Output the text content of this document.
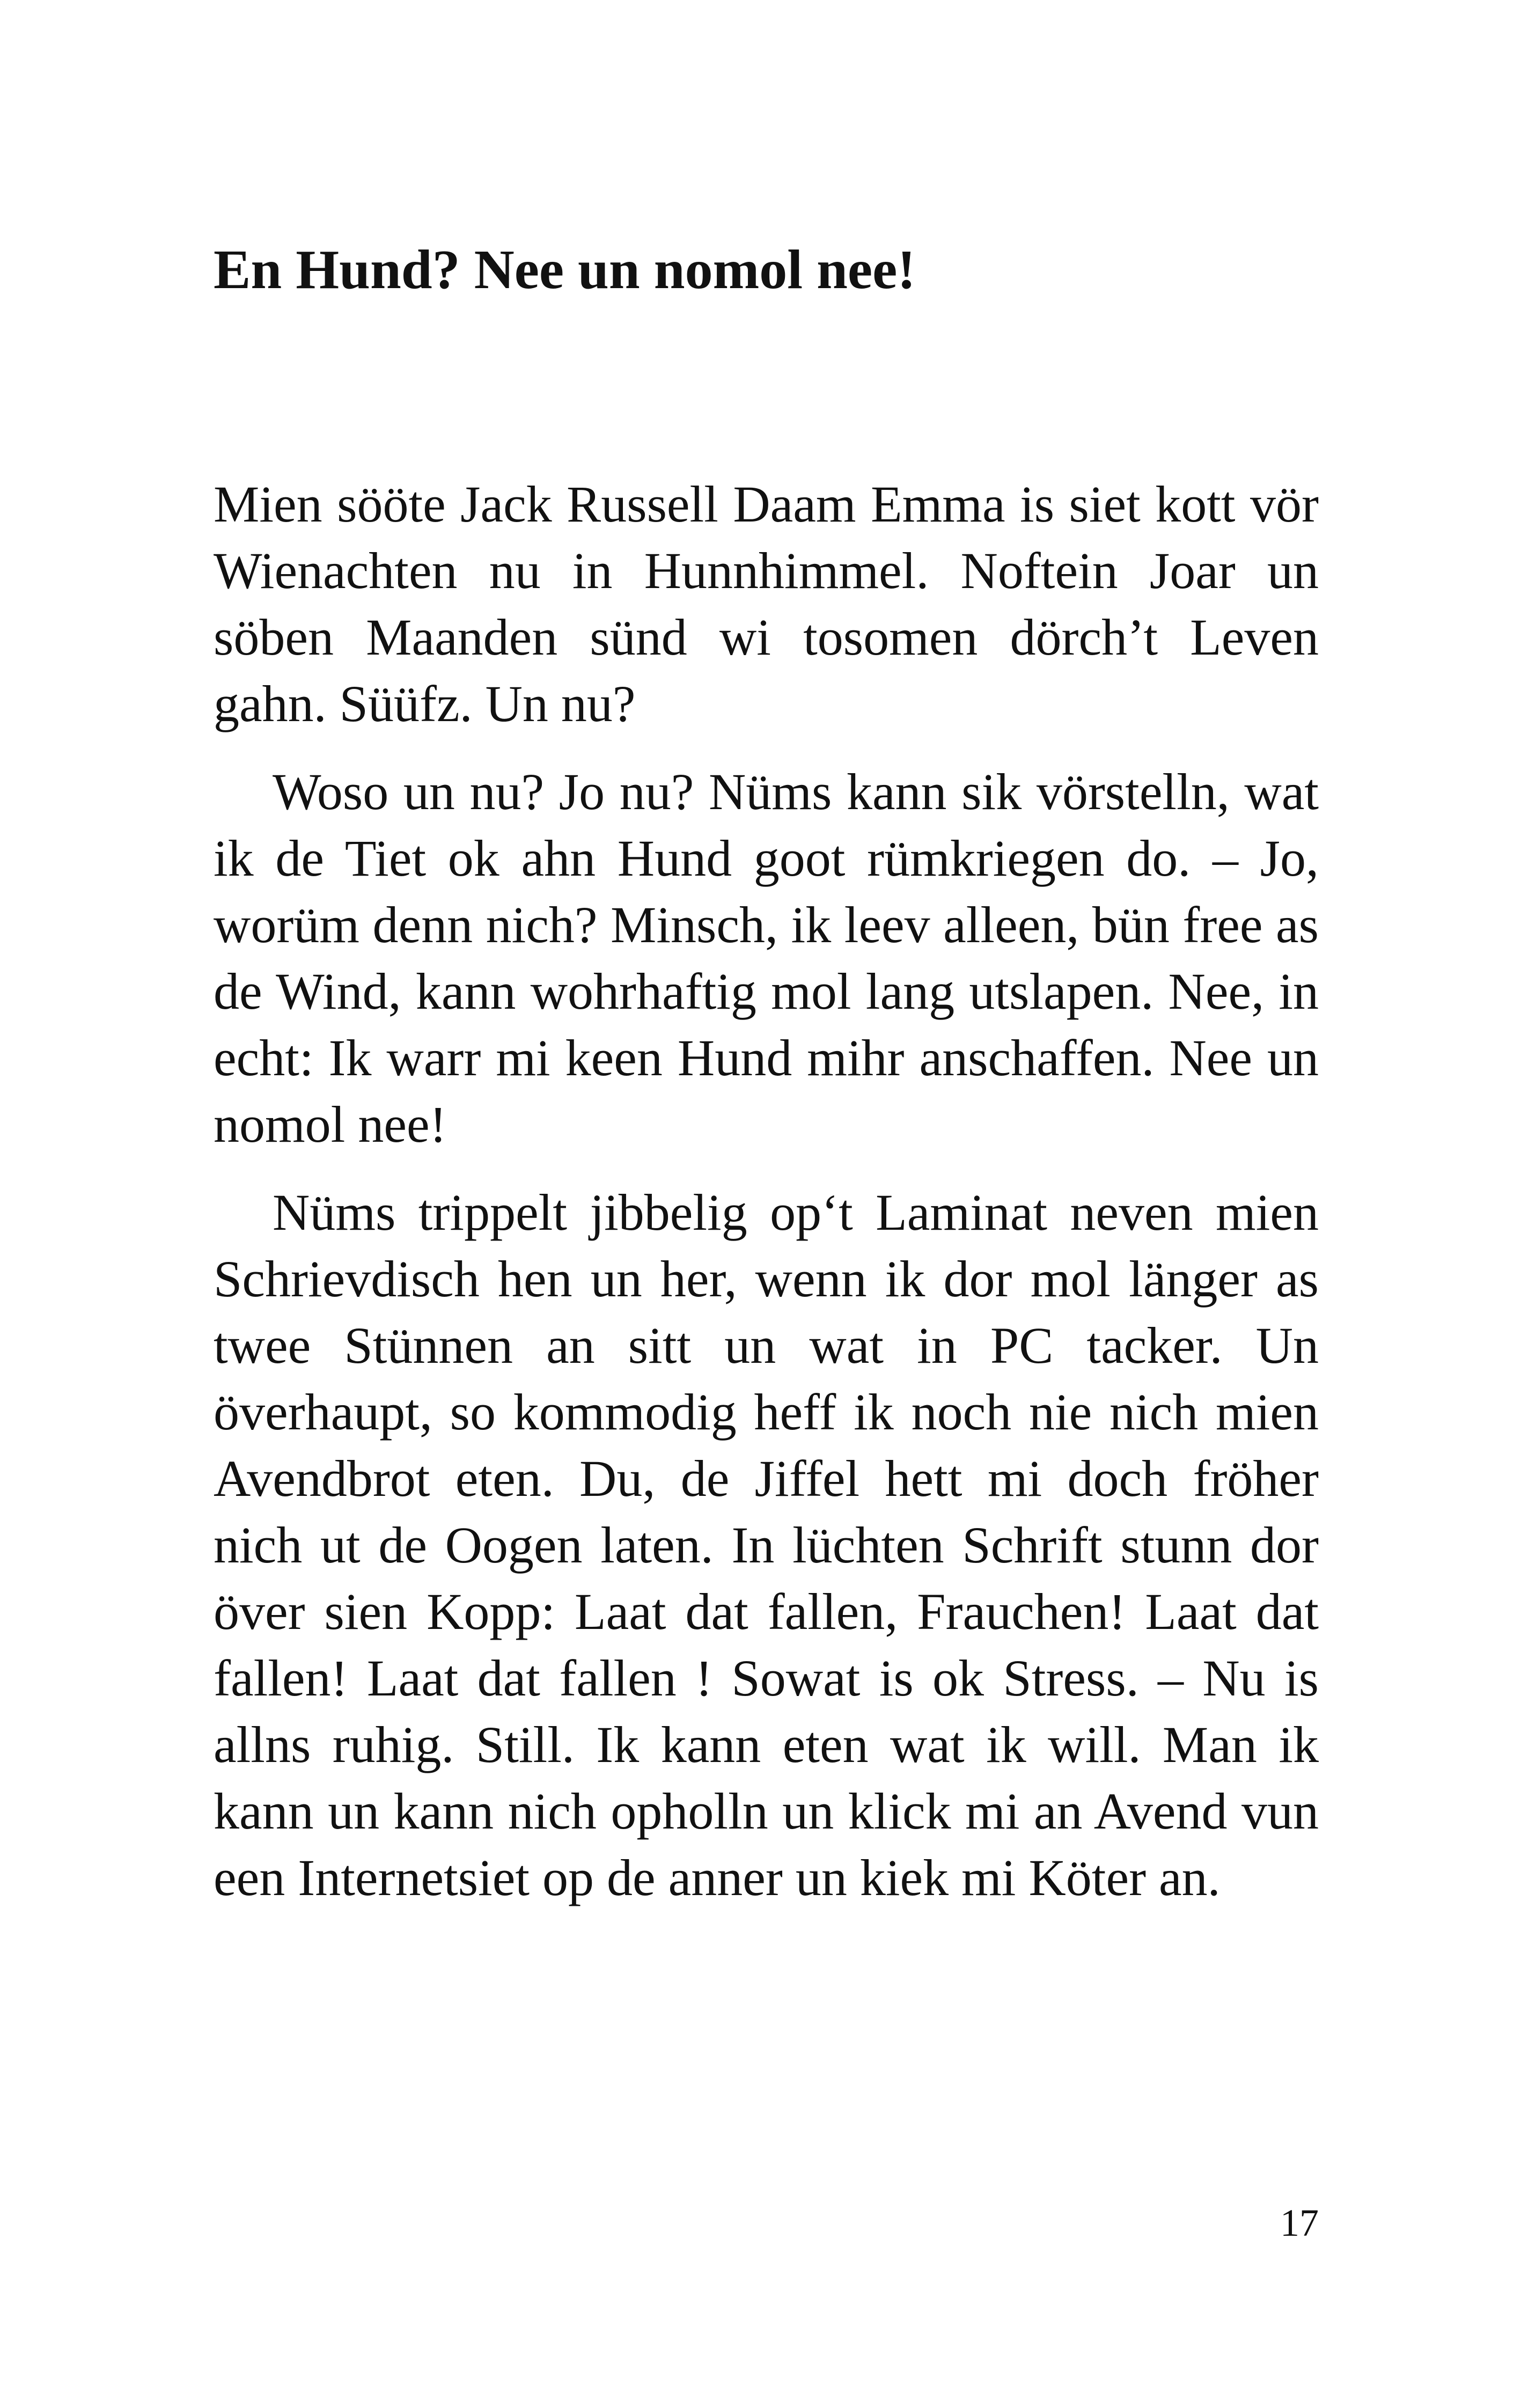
En Hund? Nee un nomol nee!

Mien sööte Jack Russell Daam Emma is siet kott vör Wienachten nu in Hunnhimmel. Noftein Joar un söben Maanden sünd wi tosomen dörch’t Leven gahn. Süüfz. Un nu?

Woso un nu? Jo nu? Nüms kann sik vörstelln, wat ik de Tiet ok ahn Hund goot rümkriegen do. – Jo, worüm denn nich? Minsch, ik leev alleen, bün free as de Wind, kann wohrhaftig mol lang utslapen. Nee, in echt: Ik warr mi keen Hund mihr anschaffen. Nee un nomol nee!

Nüms trippelt jibbelig op‘t Laminat neven mien Schrievdisch hen un her, wenn ik dor mol länger as twee Stünnen an sitt un wat in PC tacker. Un överhaupt, so kommodig heff ik noch nie nich mien Avendbrot eten. Du, de Jiffel hett mi doch fröher nich ut de Oogen laten. In lüchten Schrift stunn dor över sien Kopp: Laat dat fallen, Frauchen! Laat dat fallen! Laat dat fallen ! Sowat is ok Stress. – Nu is allns ruhig. Still. Ik kann eten wat ik will. Man ik kann un kann nich opholln un klick mi an Avend vun een Internetsiet op de anner un kiek mi Köter an.

17
